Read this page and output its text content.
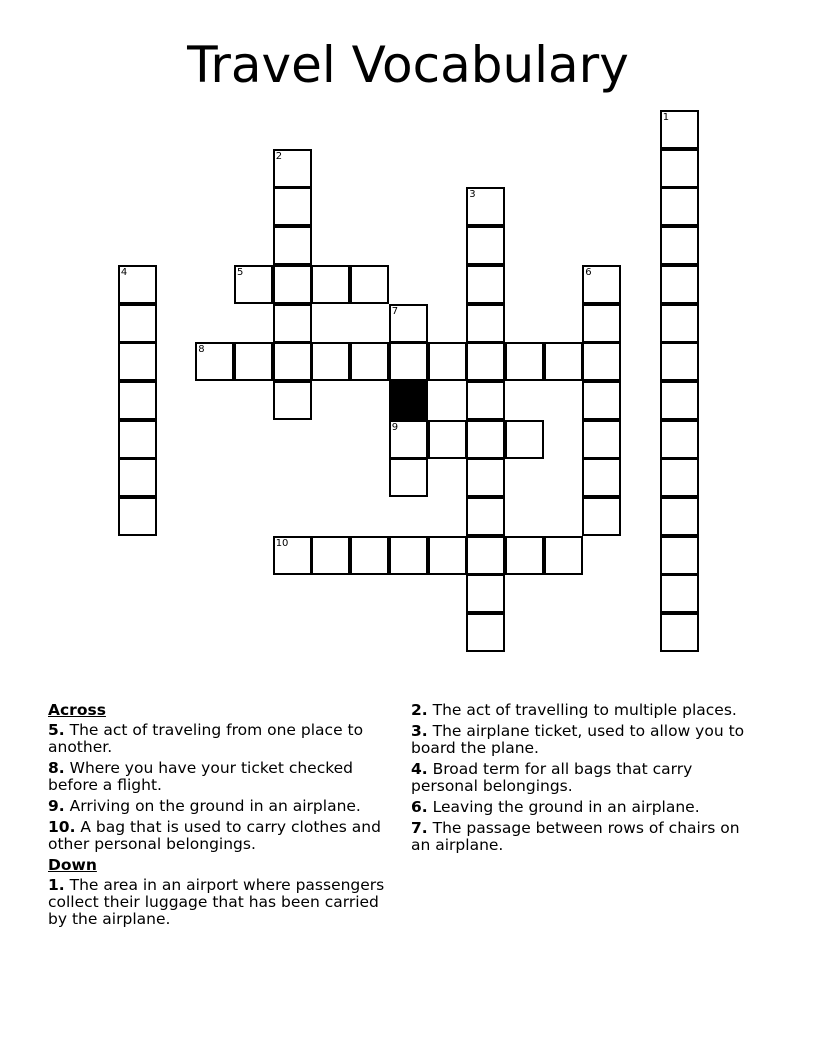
Travel Vocabulary
1
2
3
4	5	6
7
9
8
10
Across
5. The act of traveling from one place to another.
8. Where you have your ticket checked before a flight.
9. Arriving on the ground in an airplane.
10. A bag that is used to carry clothes and other personal belongings.
Down
1. The area in an airport where passengers collect their luggage that has been carried by the airplane.
2. The act of travelling to multiple places.
3. The airplane ticket, used to allow you to board the plane.
4. Broad term for all bags that carry personal belongings.
6. Leaving the ground in an airplane.
7. The passage between rows of chairs on an airplane.
